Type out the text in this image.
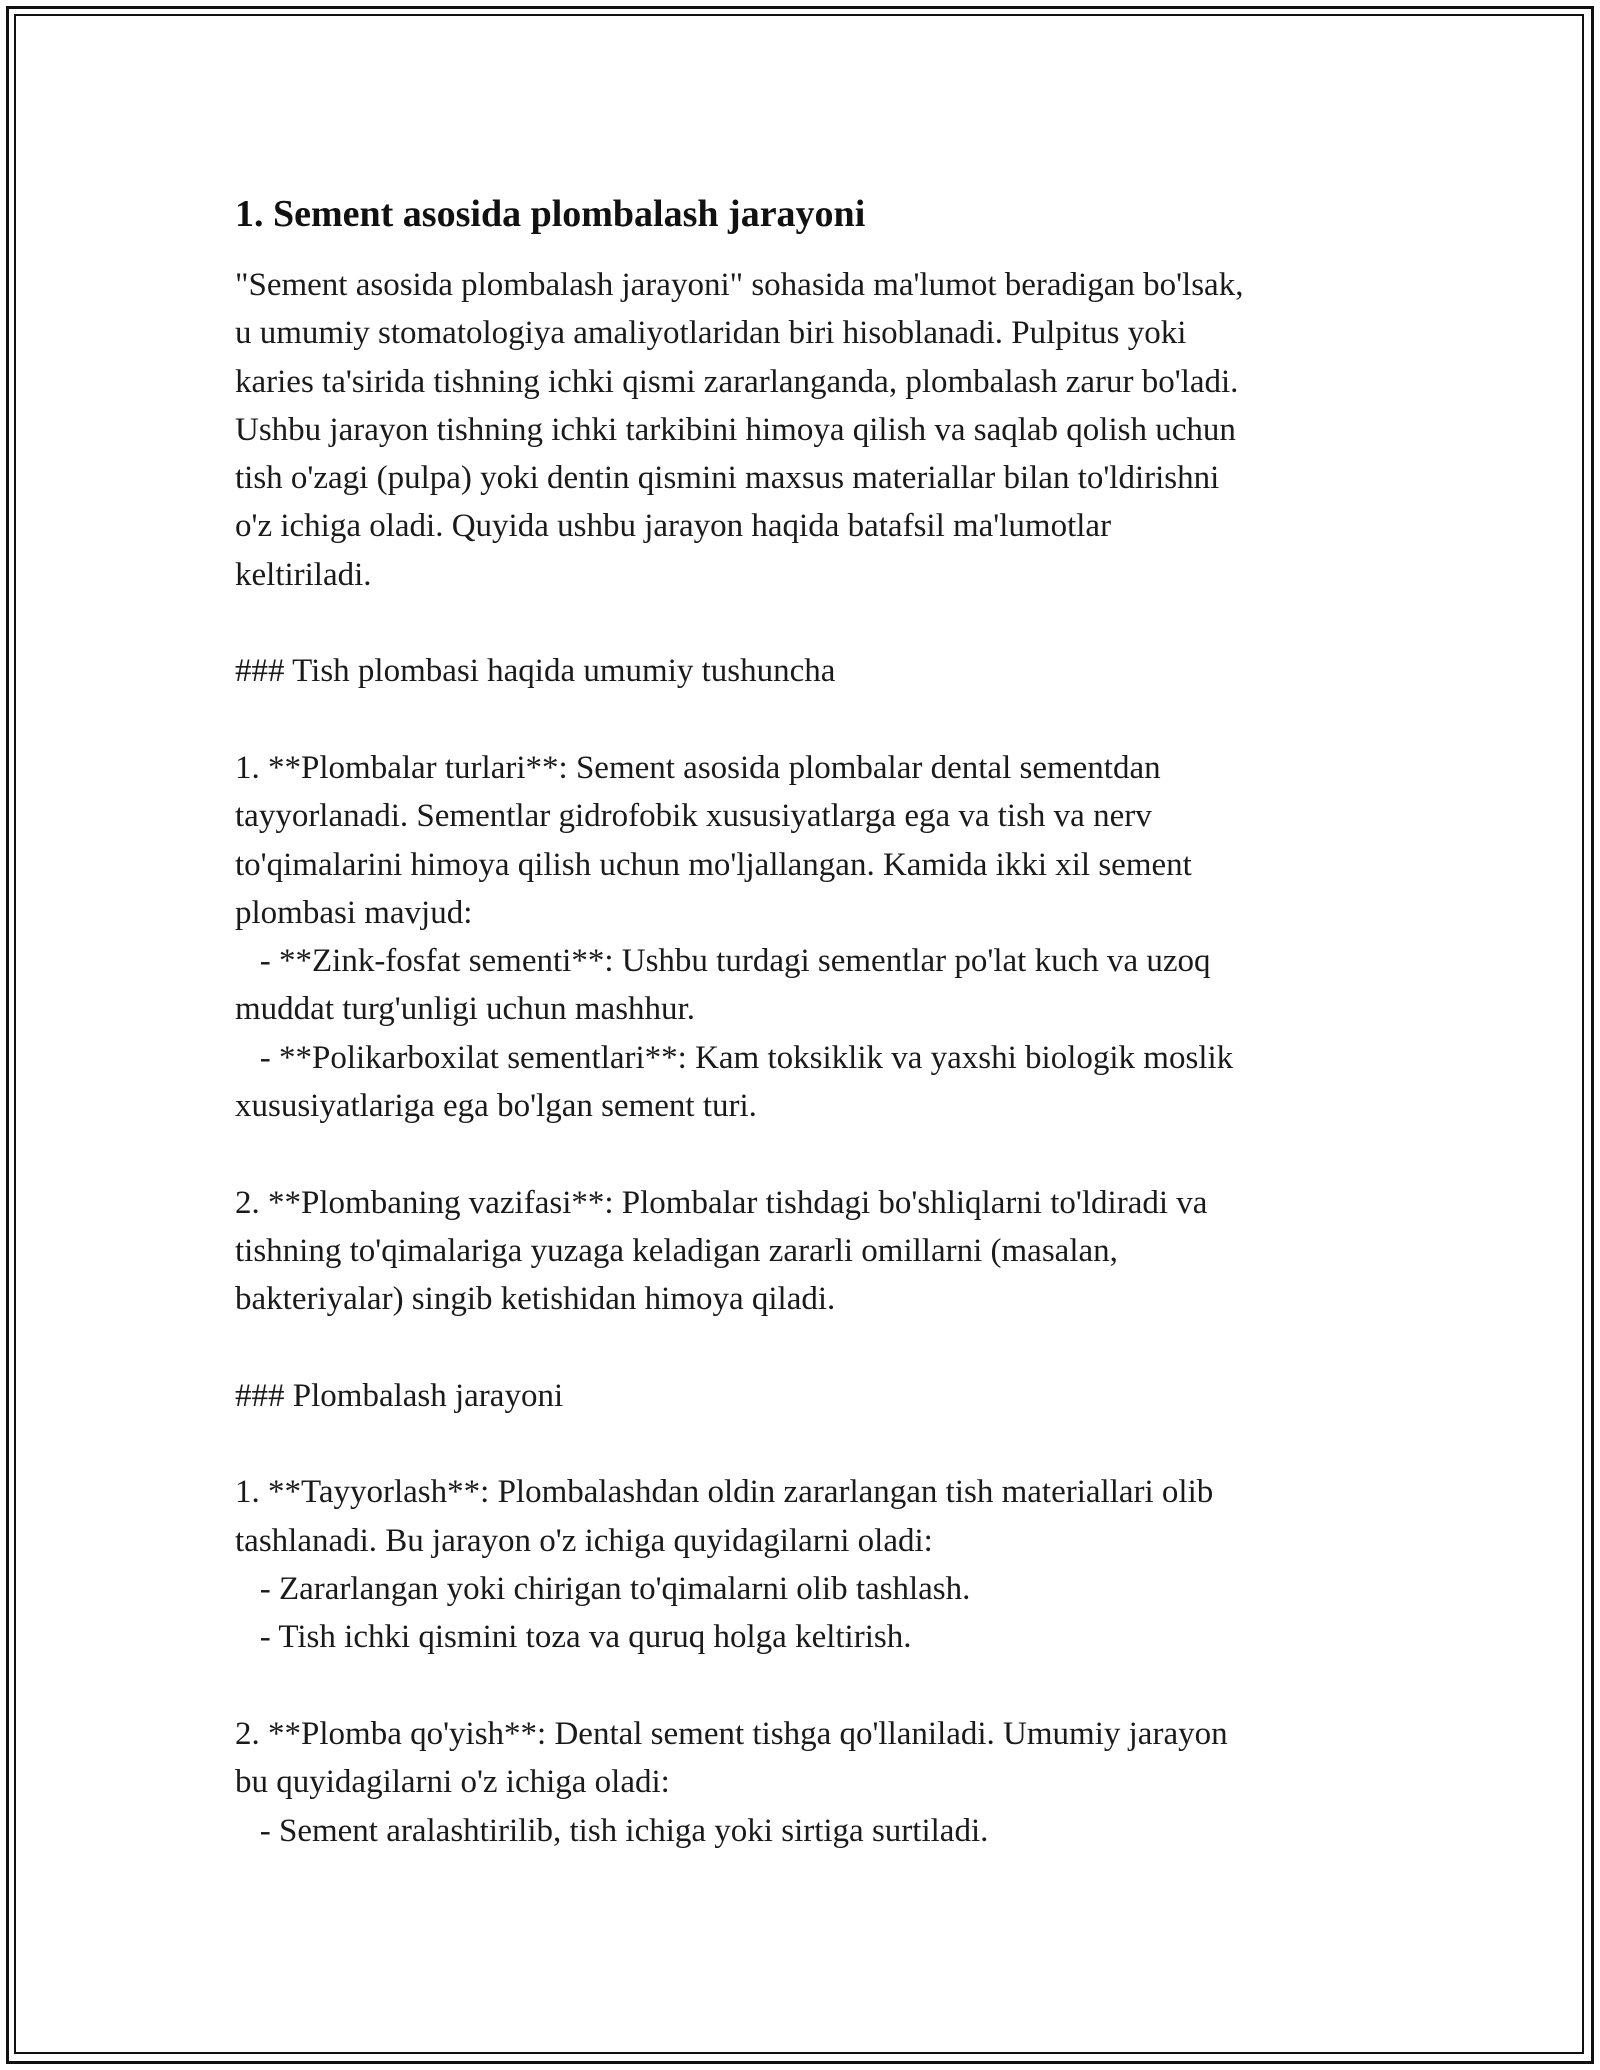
1. Sement asosida plombalash jarayoni

"Sement asosida plombalash jarayoni" sohasida ma'lumot beradigan bo'lsak,
u umumiy stomatologiya amaliyotlaridan biri hisoblanadi. Pulpitus yoki
karies ta'sirida tishning ichki qismi zararlanganda, plombalash zarur bo'ladi.
Ushbu jarayon tishning ichki tarkibini himoya qilish va saqlab qolish uchun
tish o'zagi (pulpa) yoki dentin qismini maxsus materiallar bilan to'ldirishni
o'z ichiga oladi. Quyida ushbu jarayon haqida batafsil ma'lumotlar
keltiriladi.

### Tish plombasi haqida umumiy tushuncha

1. **Plombalar turlari**: Sement asosida plombalar dental sementdan
tayyorlanadi. Sementlar gidrofobik xususiyatlarga ega va tish va nerv
to'qimalarini himoya qilish uchun mo'ljallangan. Kamida ikki xil sement
plombasi mavjud:
- **Zink-fosfat sementi**: Ushbu turdagi sementlar po'lat kuch va uzoq
muddat turg'unligi uchun mashhur.
- **Polikarboxilat sementlari**: Kam toksiklik va yaxshi biologik moslik
xususiyatlariga ega bo'lgan sement turi.

2. **Plombaning vazifasi**: Plombalar tishdagi bo'shliqlarni to'ldiradi va
tishning to'qimalariga yuzaga keladigan zararli omillarni (masalan,
bakteriyalar) singib ketishidan himoya qiladi.

### Plombalash jarayoni

1. **Tayyorlash**: Plombalashdan oldin zararlangan tish materiallari olib
tashlanadi. Bu jarayon o'z ichiga quyidagilarni oladi:
- Zararlangan yoki chirigan to'qimalarni olib tashlash.
- Tish ichki qismini toza va quruq holga keltirish.

2. **Plomba qo'yish**: Dental sement tishga qo'llaniladi. Umumiy jarayon
bu quyidagilarni o'z ichiga oladi:
- Sement aralashtirilib, tish ichiga yoki sirtiga surtiladi.
